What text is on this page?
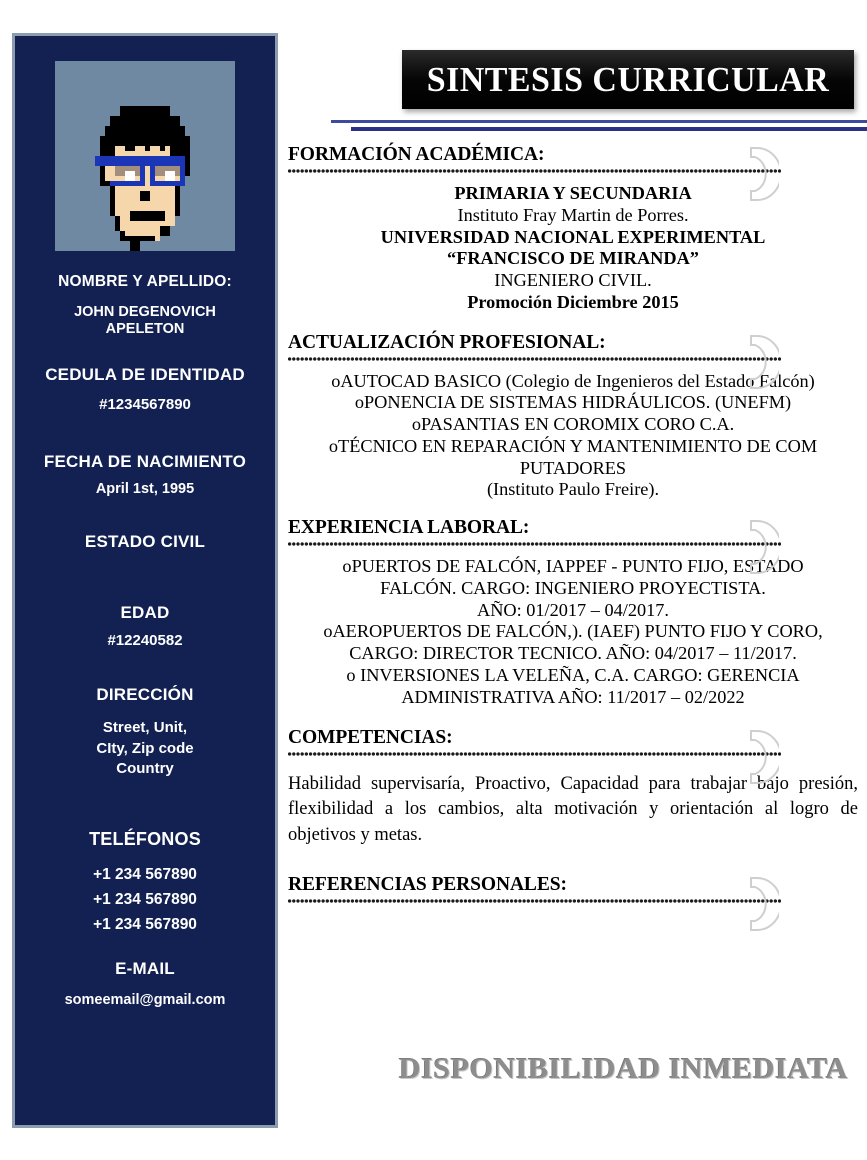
NOMBRE Y APELLIDO:
JOHN DEGENOVICH
APELETON
CEDULA DE IDENTIDAD
#1234567890
FECHA DE NACIMIENTO
April 1st, 1995
ESTADO CIVIL
EDAD
#12240582
DIRECCIÓN
Street, Unit,
CIty, Zip code
Country
TELÉFONOS
+1 234 567890
+1 234 567890
+1 234 567890
E-MAIL
someemail@gmail.com
SINTESIS CURRICULAR
FORMACIÓN ACADÉMICA:
PRIMARIA Y SECUNDARIA
Instituto Fray Martin de Porres.
UNIVERSIDAD NACIONAL EXPERIMENTAL
“FRANCISCO DE MIRANDA”
INGENIERO CIVIL.
Promoción Diciembre 2015
ACTUALIZACIÓN PROFESIONAL:
oAUTOCAD BASICO (Colegio de Ingenieros del Estado Falcón)
oPONENCIA DE SISTEMAS HIDRÁULICOS. (UNEFM)
oPASANTIAS EN COROMIX CORO C.A.
oTÉCNICO EN REPARACIÓN Y MANTENIMIENTO DE COM
PUTADORES
(Instituto Paulo Freire).
EXPERIENCIA LABORAL:
oPUERTOS DE FALCÓN, IAPPEF - PUNTO FIJO, ESTADO
FALCÓN. CARGO: INGENIERO PROYECTISTA.
AÑO: 01/2017 – 04/2017.
oAEROPUERTOS DE FALCÓN,). (IAEF) PUNTO FIJO Y CORO,
CARGO: DIRECTOR TECNICO. AÑO: 04/2017 – 11/2017.
o INVERSIONES LA VELEÑA, C.A. CARGO: GERENCIA
ADMINISTRATIVA AÑO: 11/2017 – 02/2022
COMPETENCIAS:
Habilidad supervisaría, Proactivo, Capacidad para trabajar bajo presión, flexibilidad a los cambios, alta motivación y orientación al logro de objetivos y metas.
REFERENCIAS PERSONALES:
DISPONIBILIDAD INMEDIATA
